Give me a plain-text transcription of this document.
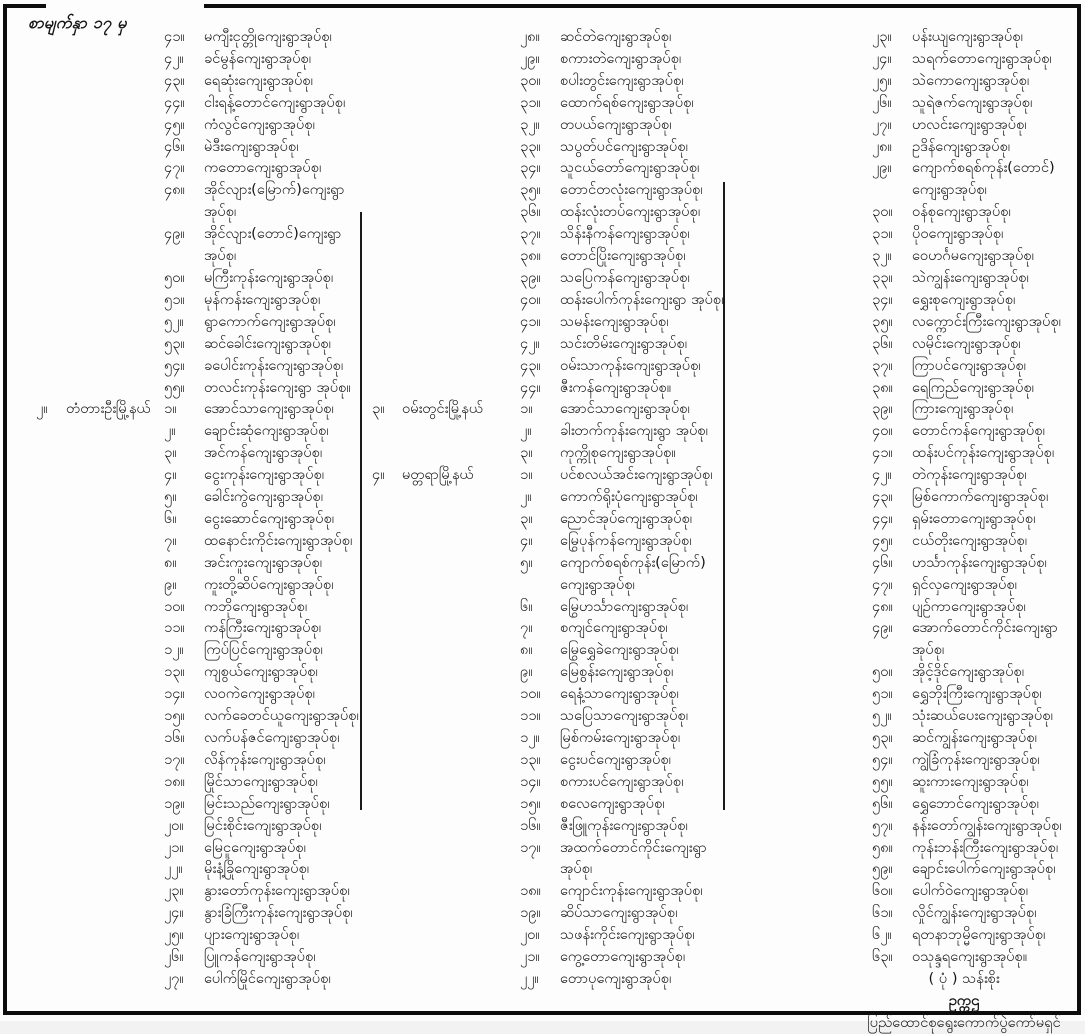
စာမျက်နှာ ၁၇ မှ
၄၁။ မကျီးငုတ္တိုကျေးရွာအုပ်စု၊
၄၂။ ခင်မွန်ကျေးရွာအုပ်စု၊
၄၃။ ရေဆုံးကျေးရွာအုပ်စု၊
၄၄။ ငါးရန့်တောင်ကျေးရွာအုပ်စု၊
၄၅။ ကံလွင်ကျေးရွာအုပ်စု၊
၄၆။ မဲဒီးကျေးရွာအုပ်စု၊
၄၇။ ကတောကျေးရွာအုပ်စု၊
၄၈။ အိုင်လျား(မြောက်)ကျေးရွာ အုပ်စု၊
၄၉။ အိုင်လျား(တောင်)ကျေးရွာ အုပ်စု၊
၅၀။ မကြီးကုန်းကျေးရွာအုပ်စု၊
၅၁။ မုန်ကန်းကျေးရွာအုပ်စု၊
၅၂။ ရွာကောက်ကျေးရွာအုပ်စု၊
၅၃။ ဆင်ခေါင်းကျေးရွာအုပ်စု၊
၅၄။ ခပေါင်းကုန်းကျေးရွာအုပ်စု၊
၅၅။ တလင်းကုန်းကျေးရွာ အုပ်စု။
၂။ တံတားဦးမြို့နယ် ၁။ အောင်သာကျေးရွာအုပ်စု၊
၂။ ချောင်းဆုံကျေးရွာအုပ်စု၊
၃။ အင်ကန်ကျေးရွာအုပ်စု၊
၄။ ငွေးကုန်းကျေးရွာအုပ်စု၊
၅။ ခေါင်းကွဲကျေးရွာအုပ်စု၊
၆။ ငွေးဆောင်ကျေးရွာအုပ်စု၊
၇။ ထနောင်းကိုင်းကျေးရွာအုပ်စု၊
၈။ အင်းကူးကျေးရွာအုပ်စု၊
၉။ ကူးတို့ဆိပ်ကျေးရွာအုပ်စု၊
၁၀။ ကဘိုကျေးရွာအုပ်စု၊
၁၁။ ကန်ကြီးကျေးရွာအုပ်စု၊
၁၂။ ကြပ်ပြင်ကျေးရွာအုပ်စု၊
၁၃။ ကျစွယ်ကျေးရွာအုပ်စု၊
၁၄။ လဝကဲကျေးရွာအုပ်စု၊
၁၅။ လက်ခေတင်ယူကျေးရွာအုပ်စု၊
၁၆။ လက်ပန်ဇင်ကျေးရွာအုပ်စု၊
၁၇။ လိန်ကုန်းကျေးရွာအုပ်စု၊
၁၈။ မြိုင်သာကျေးရွာအုပ်စု၊
၁၉။ မြင်းသည်ကျေးရွာအုပ်စု၊
၂၀။ မြင်းစိုင်းကျေးရွာအုပ်စု၊
၂၁။ မြေငူကျေးရွာအုပ်စု၊
၂၂။ မိုးနံ့ခြိုကျေးရွာအုပ်စု၊
၂၃။ နွားတော်ကုန်းကျေးရွာအုပ်စု၊
၂၄။ နွားခြံကြီးကုန်းကျေးရွာအုပ်စု၊
၂၅။ ပျားကျေးရွာအုပ်စု၊
၂၆။ ပြူကန်ကျေးရွာအုပ်စု၊
၂၇။ ပေါက်မြိုင်ကျေးရွာအုပ်စု၊
၂၈။ ဆင်တဲကျေးရွာအုပ်စု၊
၂၉။ စကားတဲကျေးရွာအုပ်စု၊
၃၀။ စပါးတွင်းကျေးရွာအုပ်စု၊
၃၁။ ထောက်ရစ်ကျေးရွာအုပ်စု၊
၃၂။ တပယ်ကျေးရွာအုပ်စု၊
၃၃။ သပွတ်ပင်ကျေးရွာအုပ်စု၊
၃၄။ သူငယ်တော်ကျေးရွာအုပ်စု၊
၃၅။ တောင်တလုံးကျေးရွာအုပ်စု၊
၃၆။ ထန်းလုံးတပ်ကျေးရွာအုပ်စု၊
၃၇။ သိန်းနီကန်ကျေးရွာအုပ်စု၊
၃၈။ တောင်ပြိုးကျေးရွာအုပ်စု၊
၃၉။ သပြေကန်ကျေးရွာအုပ်စု၊
၄၀။ ထန်းပေါက်ကုန်းကျေးရွာ အုပ်စု၊
၄၁။ သမန်းကျေးရွာအုပ်စု၊
၄၂။ သင်းတိမ်းကျေးရွာအုပ်စု၊
၄၃။ ဝမ်းသာကုန်းကျေးရွာအုပ်စု၊
၄၄။ ဇီးကန်ကျေးရွာအုပ်စု။
၃။ ဝမ်းတွင်းမြို့နယ်	၁။ အောင်သာကျေးရွာအုပ်စု၊
၂။ ခါးတက်ကုန်းကျေးရွာ အုပ်စု၊
၃။ ကုက္ကိုစုကျေးရွာအုပ်စု။
၄။ မတ္တရာမြို့နယ်	၁။ ပင်စလယ်အင်းကျေးရွာအုပ်စု၊
၂။ ကောက်ရိုးပုံကျေးရွာအုပ်စု၊
၃။ ညောင်အုပ်ကျေးရွာအုပ်စု၊
၄။ မြွေပုန်ကန်ကျေးရွာအုပ်စု၊
၅။ ကျောက်စရစ်ကုန်း(မြောက်) ကျေးရွာအုပ်စု၊
၆။ မြွေဟင်္သာကျေးရွာအုပ်စု၊
၇။ စကျင်ကျေးရွာအုပ်စု၊
၈။ မြွေရွှေခဲကျေးရွာအုပ်စု၊
၉။ မြေစွန်းကျေးရွာအုပ်စု၊
၁၀။ ရေနံ့သာကျေးရွာအုပ်စု၊
၁၁။ သပြေသာကျေးရွာအုပ်စု၊
၁၂။ မြစ်ကမ်းကျေးရွာအုပ်စု၊
၁၃။ ငွေးပင်ကျေးရွာအုပ်စု၊
၁၄။ စကားပင်ကျေးရွာအုပ်စု၊
၁၅။ စလေကျေးရွာအုပ်စု၊
၁၆။ ဇီးဖြူကုန်းကျေးရွာအုပ်စု၊
၁၇။ အထက်တောင်ကိုင်းကျေးရွာ အုပ်စု၊
၁၈။ ကျောင်းကုန်းကျေးရွာအုပ်စု၊
၁၉။ ဆိပ်သာကျေးရွာအုပ်စု၊
၂၀။ သဖန်းကိုင်းကျေးရွာအုပ်စု၊
၂၁။ ကွေ့တောကျေးရွာအုပ်စု၊
၂၂။ တောပုကျေးရွာအုပ်စု၊
၂၃။ ပန်းယျကျေးရွာအုပ်စု၊
၂၄။ သရက်တောကျေးရွာအုပ်စု၊
၂၅။ သဲကောကျေးရွာအုပ်စု၊
၂၆။ သူရဲဇက်ကျေးရွာအုပ်စု၊
၂၇။ ဟလင်းကျေးရွာအုပ်စု၊
၂၈။ ဥဒိန်ကျေးရွာအုပ်စု၊
၂၉။ ကျောက်စရစ်ကုန်း(တောင်) ကျေးရွာအုပ်စု၊
၃၀။ ဝန်စုကျေးရွာအုပ်စု၊
၃၁။ ပိုဝကျေးရွာအုပ်စု၊
၃၂။ ဝေဟင်္ဂမကျေးရွာအုပ်စု၊
၃၃။ သဲကျွန်းကျေးရွာအုပ်စု၊
၃၄။ ရွှေးစုကျေးရွာအုပ်စု၊
၃၅။ လက္ကောင်းကြီးကျေးရွာအုပ်စု၊
၃၆။ လမိုင်းကျေးရွာအုပ်စု၊
၃၇။ ကြာပင်ကျေးရွာအုပ်စု၊
၃၈။ ရေကြည်ကျေးရွာအုပ်စု၊
၃၉။ ကြားကျေးရွာအုပ်စု၊
၄၀။ တောင်ကန်ကျေးရွာအုပ်စု၊
၄၁။ ထန်းပင်ကုန်းကျေးရွာအုပ်စု၊
၄၂။ တဲကုန်းကျေးရွာအုပ်စု၊
၄၃။ မြစ်ကောက်ကျေးရွာအုပ်စု၊
၄၄။ ရှမ်းတောကျေးရွာအုပ်စု၊
၄၅။ ငယ်တိုးကျေးရွာအုပ်စု၊
၄၆။ ဟင်္သာကုန်းကျေးရွာအုပ်စု၊
၄၇။ ရှင်လှကျေးရွာအုပ်စု၊
၄၈။ ပျဉ်ကာကျေးရွာအုပ်စု၊
၄၉။ အောက်တောင်ကိုင်းကျေးရွာ အုပ်စု၊
၅၀။ အိုင့်ဒိုင်ကျေးရွာအုပ်စု၊
၅၁။ ရွှေဘိုးကြီးကျေးရွာအုပ်စု၊
၅၂။ သုံးဆယ်ပေးကျေးရွာအုပ်စု၊
၅၃။ ဆင်ကျွန်းကျေးရွာအုပ်စု၊
၅၄။ ကျွဲခြံကုန်းကျေးရွာအုပ်စု၊
၅၅။ ဆူးကားကျေးရွာအုပ်စု၊
၅၆။ ရွှေဘောင်ကျေးရွာအုပ်စု၊
၅၇။ နန်းတော်ကျွန်းကျေးရွာအုပ်စု၊
၅၈။ ကုန်းဘန်းကြီးကျေးရွာအုပ်စု၊
၅၉။ ချောင်းပေါက်ကျေးရွာအုပ်စု၊
၆၀။ ပေါက်ဝဲကျေးရွာအုပ်စု၊
၆၁။ လှိုင်ကျွန်းကျေးရွာအုပ်စု၊
၆၂။ ရတနာဘုမ္မိကျေးရွာအုပ်စု၊
၆၃။ ဝသုန္ဒရကျေးရွာအုပ်စု။
( ပုံ ) သန်းစိုး
ဥက္ကဌ
ပြည်ထောင်စုရွေးကောက်ပွဲကော်မရှင်
